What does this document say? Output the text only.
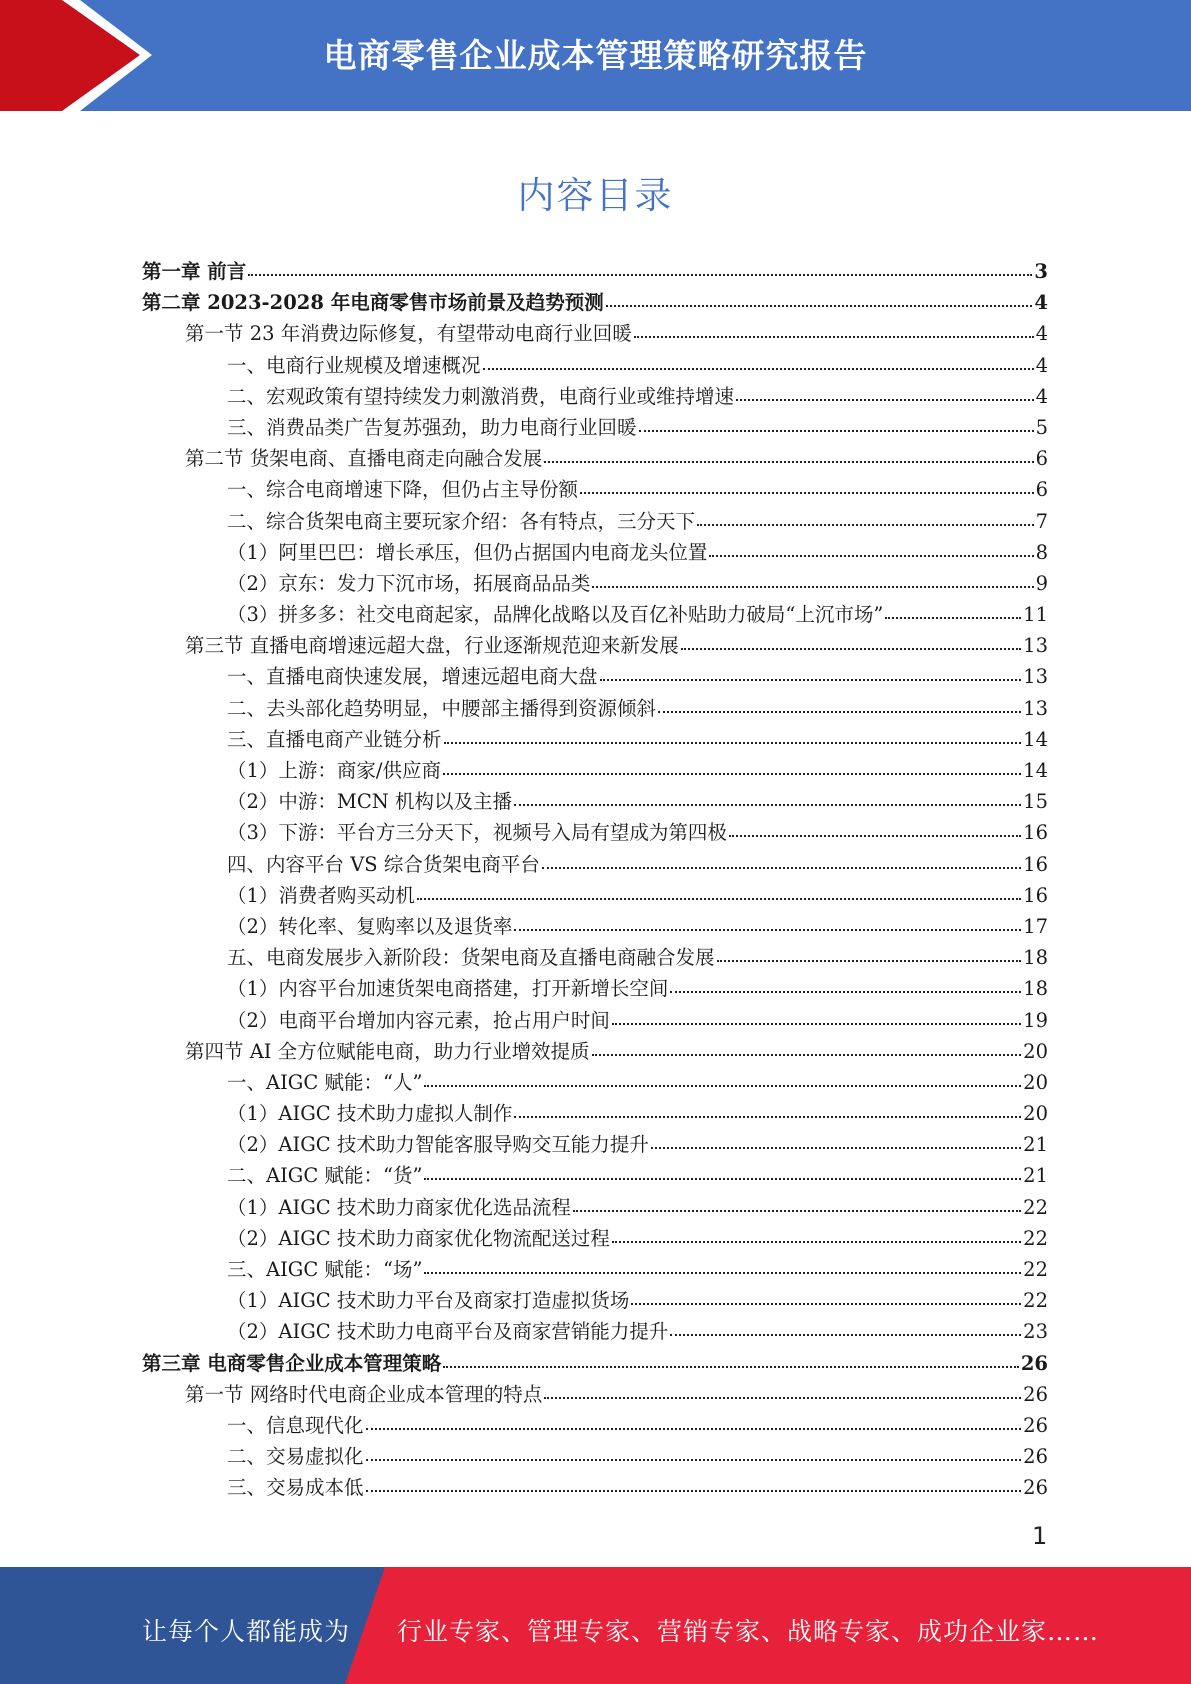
电商零售企业成本管理策略研究报告
内容目录
第一章 前言	3
第二章 2023-2028 年电商零售市场前景及趋势预测	4
第一节 23 年消费边际修复，有望带动电商行业回暖	4
一、电商行业规模及增速概况	4
二、宏观政策有望持续发力刺激消费，电商行业或维持增速	4
三、消费品类广告复苏强劲，助力电商行业回暖	5
第二节 货架电商、直播电商走向融合发展	6
一、综合电商增速下降，但仍占主导份额	6
二、综合货架电商主要玩家介绍：各有特点，三分天下	7
（1）阿里巴巴：增长承压，但仍占据国内电商龙头位置	8
（2）京东：发力下沉市场，拓展商品品类	9
（3）拼多多：社交电商起家，品牌化战略以及百亿补贴助力破局“上沉市场”	11
第三节 直播电商增速远超大盘，行业逐渐规范迎来新发展	13
一、直播电商快速发展，增速远超电商大盘	13
二、去头部化趋势明显，中腰部主播得到资源倾斜	13
三、直播电商产业链分析	14
（1）上游：商家/供应商	14
（2）中游：MCN 机构以及主播	15
（3）下游：平台方三分天下，视频号入局有望成为第四极	16
四、内容平台 VS 综合货架电商平台	16
（1）消费者购买动机	16
（2）转化率、复购率以及退货率	17
五、电商发展步入新阶段：货架电商及直播电商融合发展	18
（1）内容平台加速货架电商搭建，打开新增长空间	18
（2）电商平台增加内容元素，抢占用户时间	19
第四节 AI 全方位赋能电商，助力行业增效提质	20
一、AIGC 赋能：“人”	20
（1）AIGC 技术助力虚拟人制作	20
（2）AIGC 技术助力智能客服导购交互能力提升	21
二、AIGC 赋能：“货”	21
（1）AIGC 技术助力商家优化选品流程	22
（2）AIGC 技术助力商家优化物流配送过程	22
三、AIGC 赋能：“场”	22
（1）AIGC 技术助力平台及商家打造虚拟货场	22
（2）AIGC 技术助力电商平台及商家营销能力提升	23
第三章 电商零售企业成本管理策略	26
第一节 网络时代电商企业成本管理的特点	26
一、信息现代化	26
二、交易虚拟化	26
三、交易成本低	26
1
让每个人都能成为 行业专家、管理专家、营销专家、战略专家、成功企业家……
